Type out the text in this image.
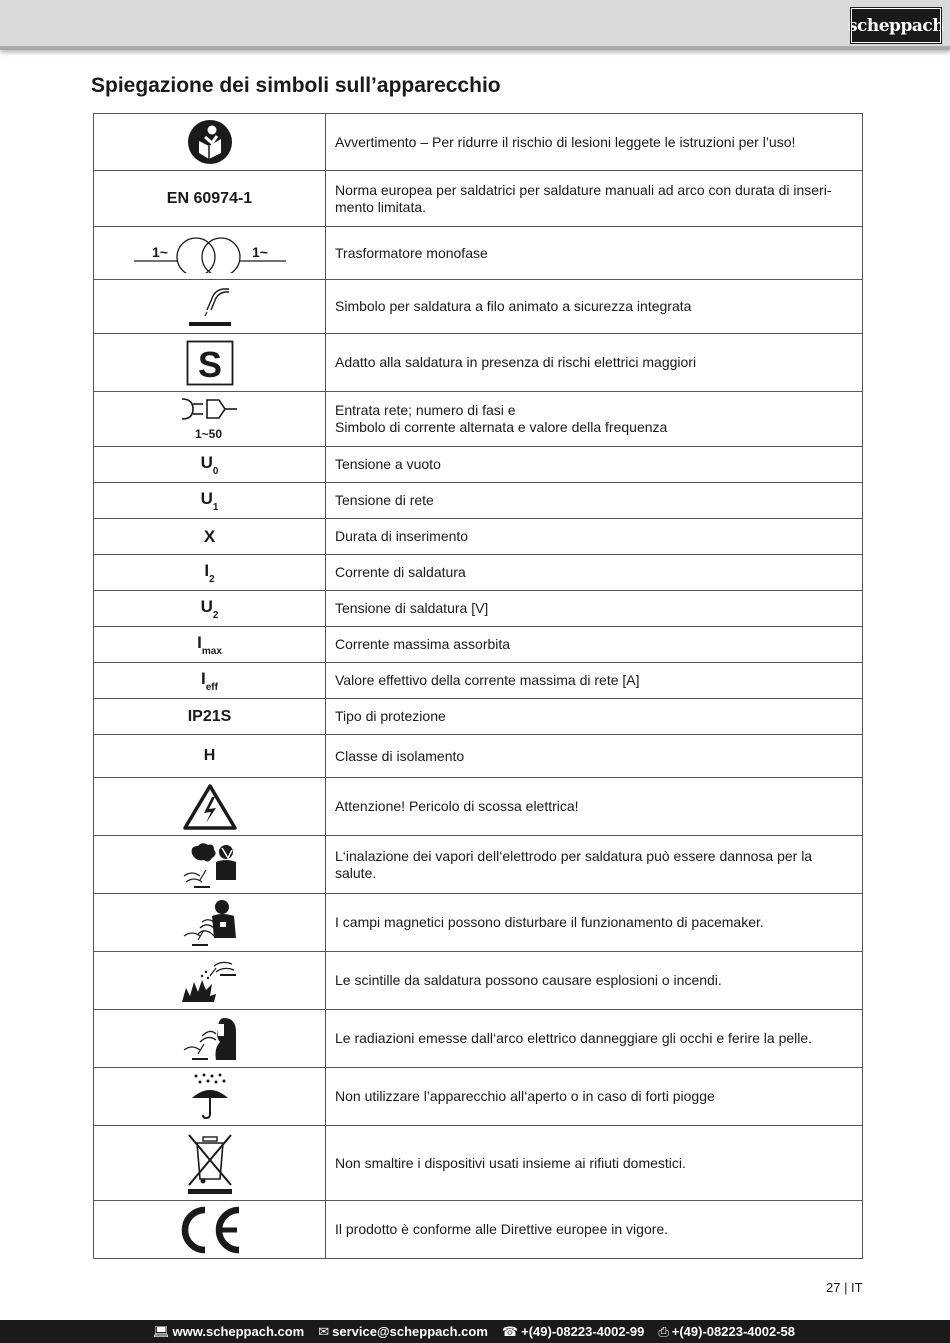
scheppach
Spiegazione dei simboli sull’apparecchio
	Avvertimento – Per ridurre il rischio di lesioni leggete le istruzioni per l’uso!
EN 60974-1	Norma europea per saldatrici per saldature manuali ad arco con durata di inseri-mento limitata.

1~ 1~	Trasformatore monofase

	Simbolo per saldatura a filo animato a sicurezza integrata

S	Adatto alla saldatura in presenza di rischi elettrici maggiori

1~50	Entrata rete; numero di fasi e
Simbolo di corrente alternata e valore della frequenza
$U_0$	Tensione a vuoto
$U_1$	Tensione di rete
X	Durata di inserimento
$I_2$	Corrente di saldatura
$U_2$	Tensione di saldatura [V]
$I_{max}$	Corrente massima assorbita
$I_{eff}$	Valore effettivo della corrente massima di rete [A]
IP21S	Tipo di protezione
H	Classe di isolamento

	Attenzione! Pericolo di scossa elettrica!

	L‘inalazione dei vapori dell‘elettrodo per saldatura può essere dannosa per la salute.

	I campi magnetici possono disturbare il funzionamento di pacemaker.

	Le scintille da saldatura possono causare esplosioni o incendi.

	Le radiazioni emesse dall‘arco elettrico danneggiare gli occhi e ferire la pelle.

	Non utilizzare l’apparecchio all‘aperto o in caso di forti piogge

	Non smaltire i dispositivi usati insieme ai rifiuti domestici.

	Il prodotto è conforme alle Direttive europee in vigore.
27 | IT
💻︎ www.scheppach.com ✉ service@scheppach.com ☎ +(49)-08223-4002-99 ⎙ +(49)-08223-4002-58
